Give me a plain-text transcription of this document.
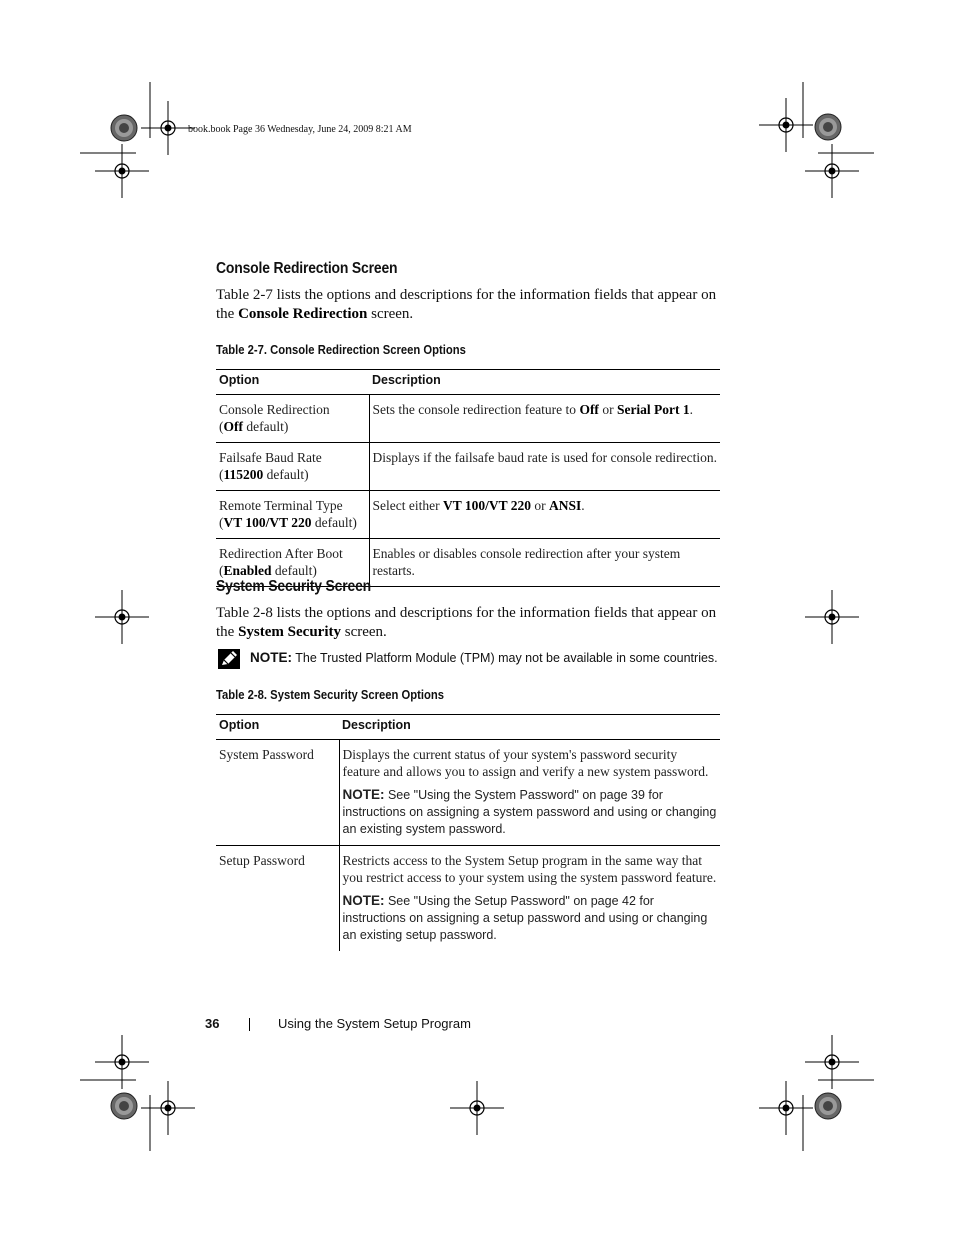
book.book Page 36 Wednesday, June 24, 2009 8:21 AM
Console Redirection Screen

Table 2-7 lists the options and descriptions for the information fields that appear on the Console Redirection screen.

Table 2-7. Console Redirection Screen Options
Option	Description
Console Redirection
(Off default)	Sets the console redirection feature to Off or Serial Port 1.
Failsafe Baud Rate
(115200 default)	Displays if the failsafe baud rate is used for console redirection.
Remote Terminal Type
(VT 100/VT 220 default)	Select either VT 100/VT 220 or ANSI.
Redirection After Boot
(Enabled default)	Enables or disables console redirection after your system restarts.
System Security Screen

Table 2-8 lists the options and descriptions for the information fields that appear on the System Security screen.

NOTE: The Trusted Platform Module (TPM) may not be available in some countries.
Table 2-8. System Security Screen Options
Option	Description
System Password	Displays the current status of your system's password security feature and allows you to assign and verify a new system password.
NOTE: See "Using the System Password" on page 39 for instructions on assigning a system password and using or changing an existing system password.

Setup Password	Restricts access to the System Setup program in the same way that you restrict access to your system using the system password feature.
NOTE: See "Using the Setup Password" on page 42 for instructions on assigning a setup password and using or changing an existing setup password.
36	Using the System Setup Program
